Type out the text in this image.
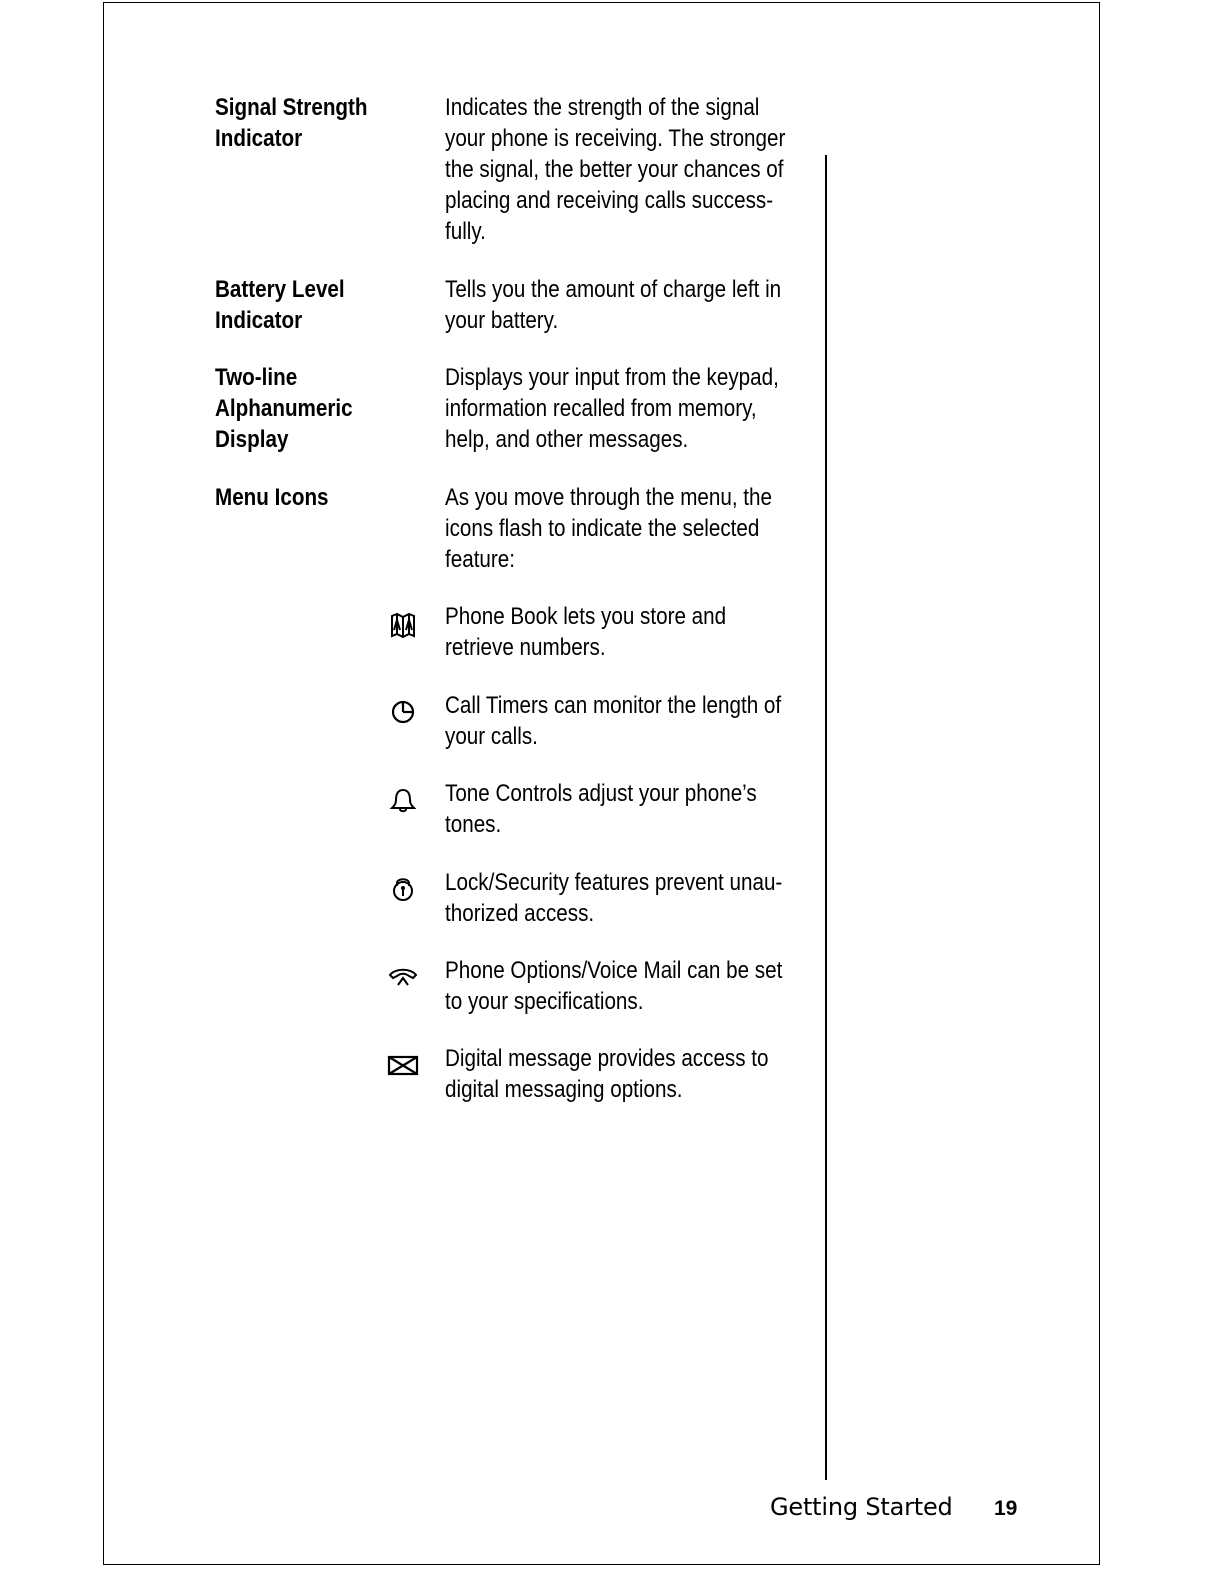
Signal Strength Indicator
Indicates the strength of the signal your phone is receiving. The stronger the signal, the better your chances of placing and receiving calls success-fully.
Battery Level Indicator
Tells you the amount of charge left in your battery.
Two-line Alphanumeric Display
Displays your input from the keypad, information recalled from memory, help, and other messages.
Menu Icons	As you move through the menu, the icons flash to indicate the selected feature:
Phone Book lets you store and retrieve numbers.
Call Timers can monitor the length of your calls.
Tone Controls adjust your phone’s tones.
Lock/Security features prevent unau-thorized access.
Phone Options/Voice Mail can be set to your specifications.
Digital message provides access to digital messaging options.
Getting Started 19
